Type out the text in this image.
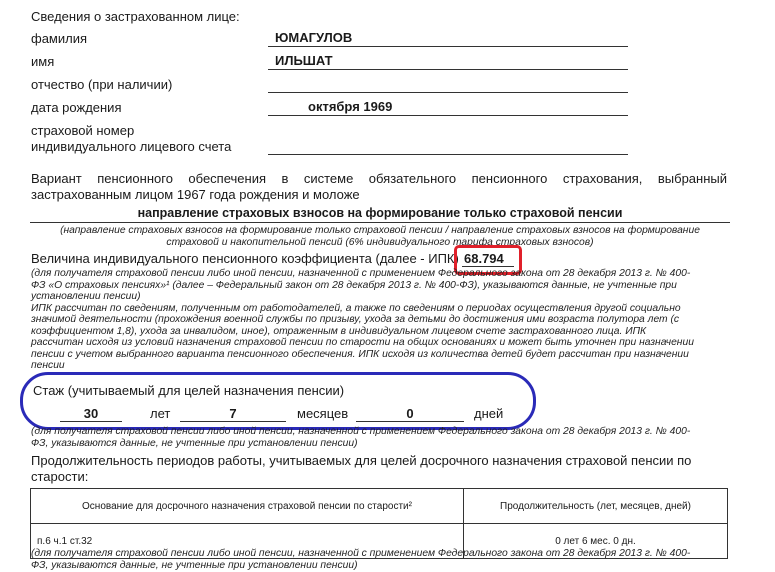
Сведения о застрахованном лице:
фамилия	ЮМАГУЛОВ
имя	ИЛЬШАТ
отчество (при наличии)
дата рождения	октября 1969
страховой номер
индивидуального лицевого счета
Вариант пенсионного обеспечения в системе обязательного пенсионного страхования, выбранный
застрахованным лицом 1967 года рождения и моложе
направление страховых взносов на формирование только страховой пенсии
(направление страховых взносов на формирование только страховой пенсии / направление страховых взносов на формирование
страховой и накопительной пенсий (6% индивидуального тарифа страховых взносов)
Величина индивидуального пенсионного коэффициента (далее - ИПК) 68.794
(для получателя страховой пенсии либо иной пенсии, назначенной с применением Федерального закона от 28 декабря 2013 г. № 400-
ФЗ «О страховых пенсиях»¹ (далее – Федеральный закон от 28 декабря 2013 г. № 400-ФЗ), указываются данные, не учтенные при
установлении пенсии)
ИПК рассчитан по сведениям, полученным от работодателей, а также по сведениям о периодах осуществления другой социально
значимой деятельности (прохождения военной службы по призыву, ухода за детьми до достижения ими возраста полутора лет (с
коэффициентом 1,8), ухода за инвалидом, иное), отраженным в индивидуальном лицевом счете застрахованного лица. ИПК
рассчитан исходя из условий назначения страховой пенсии по старости на общих основаниях и может быть уточнен при назначении
пенсии с учетом выбранного варианта пенсионного обеспечения. ИПК исходя из количества детей будет рассчитан при назначении
пенсии
Стаж (учитываемый для целей назначения пенсии)
30	лет	7	месяцев	0	дней
(для получателя страховой пенсии либо иной пенсии, назначенной с применением Федерального закона от 28 декабря 2013 г. № 400-
ФЗ, указываются данные, не учтенные при установлении пенсии)
Продолжительность периодов работы, учитываемых для целей досрочного назначения страховой пенсии по
старости:
Основание для досрочного назначения страховой пенсии по старости²	Продолжительность (лет, месяцев, дней)
п.6 ч.1 ст.32	0 лет 6 мес. 0 дн.
(для получателя страховой пенсии либо иной пенсии, назначенной с применением Федерального закона от 28 декабря 2013 г. № 400-
ФЗ, указываются данные, не учтенные при установлении пенсии)
